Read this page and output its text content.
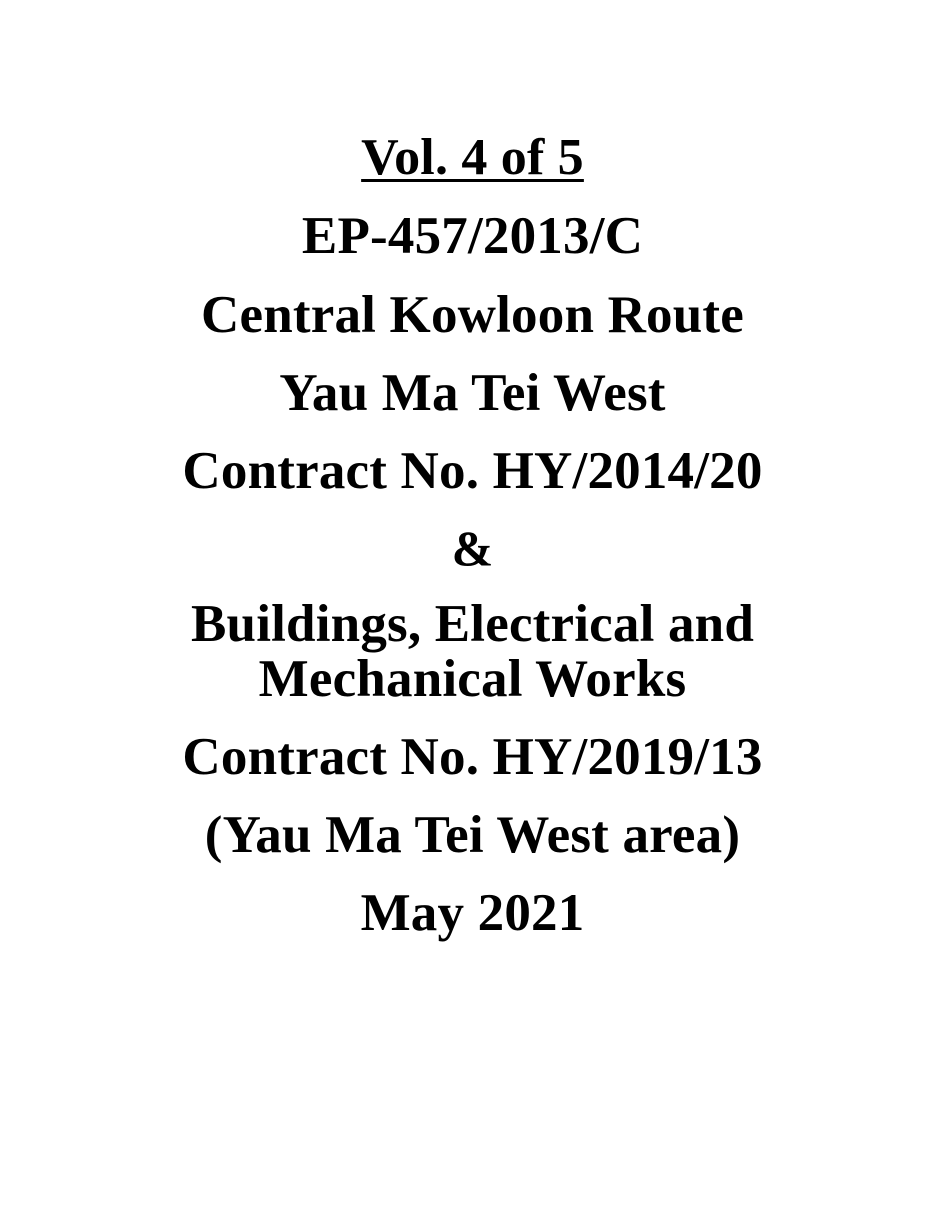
Vol. 4 of 5
EP-457/2013/C
Central Kowloon Route
Yau Ma Tei West
Contract No. HY/2014/20
&
Buildings, Electrical and
Mechanical Works
Contract No. HY/2019/13
(Yau Ma Tei West area)
May 2021
